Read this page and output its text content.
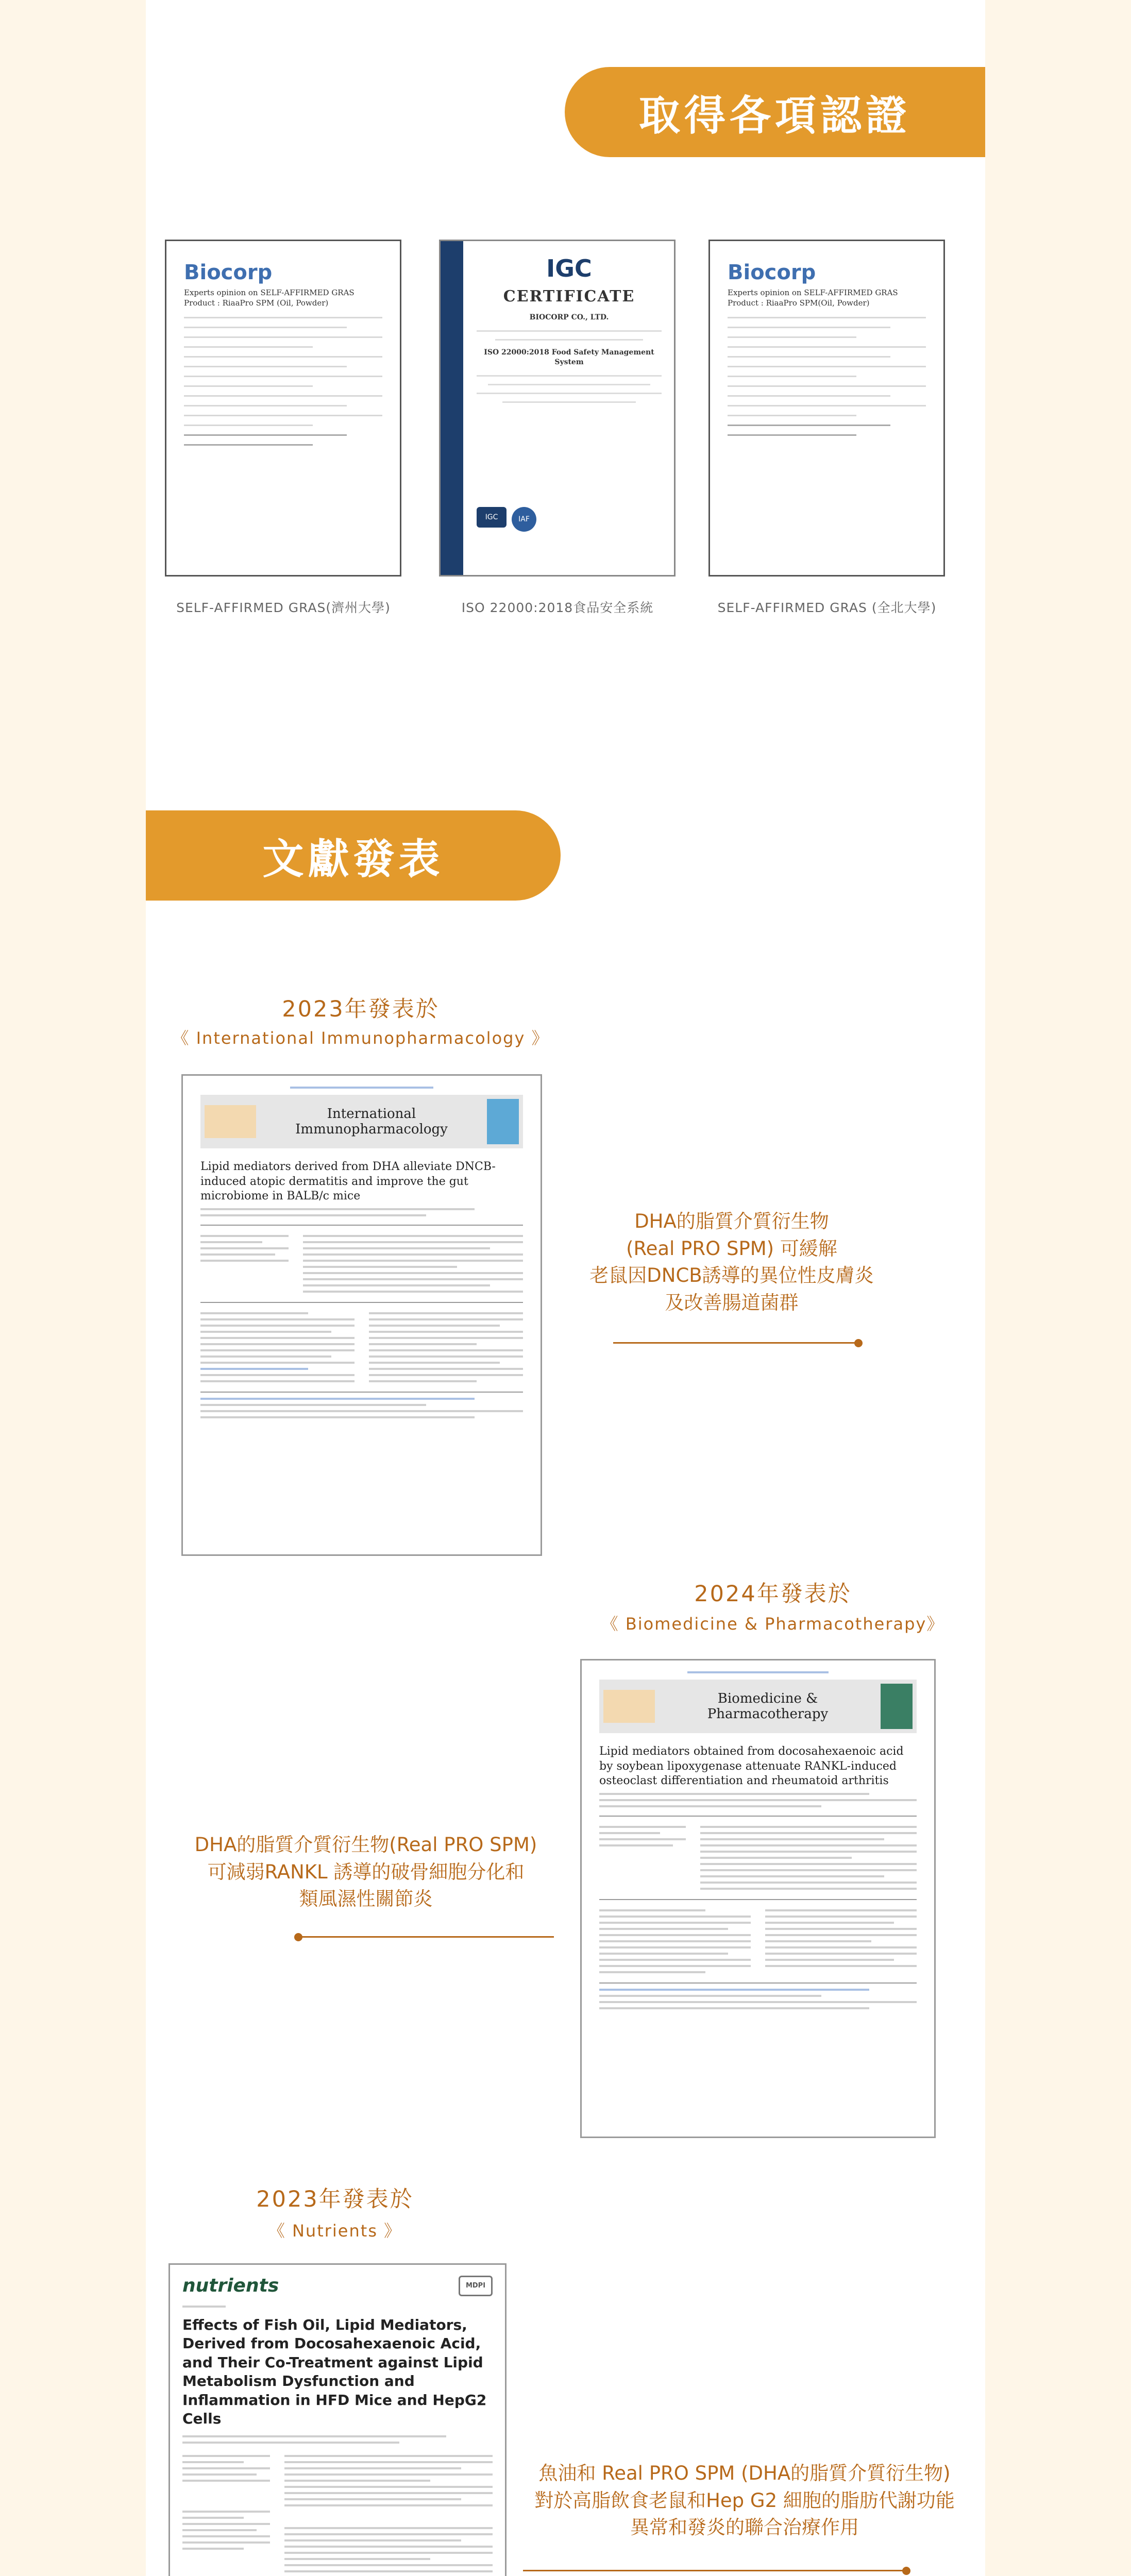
取得各項認證
Biocorp
Experts opinion on SELF-AFFIRMED GRAS Product : RiaaPro SPM (Oil, Powder)
SELF-AFFIRMED GRAS(濟州大學)
IGC
CERTIFICATE
BIOCORP CO., LTD.
ISO 22000:2018 Food Safety Management System
IGC	IAF
ISO 22000:2018食品安全系統
Biocorp
Experts opinion on SELF-AFFIRMED GRAS Product : RiaaPro SPM(Oil, Powder)
SELF-AFFIRMED GRAS (全北大學)
文獻發表
2023年發表於
《 International Immunopharmacology 》
International Immunopharmacology
Lipid mediators derived from DHA alleviate DNCB-induced atopic dermatitis and improve the gut microbiome in BALB/c mice
DHA的脂質介質衍生物
(Real PRO SPM) 可緩解
老鼠因DNCB誘導的異位性皮膚炎
及改善腸道菌群
2024年發表於
《 Biomedicine & Pharmacotherapy》
Biomedicine & Pharmacotherapy
Lipid mediators obtained from docosahexaenoic acid by soybean lipoxygenase attenuate RANKL-induced osteoclast differentiation and rheumatoid arthritis
DHA的脂質介質衍生物(Real PRO SPM)
可減弱RANKL 誘導的破骨細胞分化和
類風濕性關節炎
2023年發表於
《 Nutrients 》
nutrients	MDPI
Effects of Fish Oil, Lipid Mediators, Derived from Docosahexaenoic Acid, and Their Co-Treatment against Lipid Metabolism Dysfunction and Inflammation in HFD Mice and HepG2 Cells
魚油和 Real PRO SPM (DHA的脂質介質衍生物)
對於高脂飲食老鼠和Hep G2 細胞的脂肪代謝功能
異常和發炎的聯合治療作用
